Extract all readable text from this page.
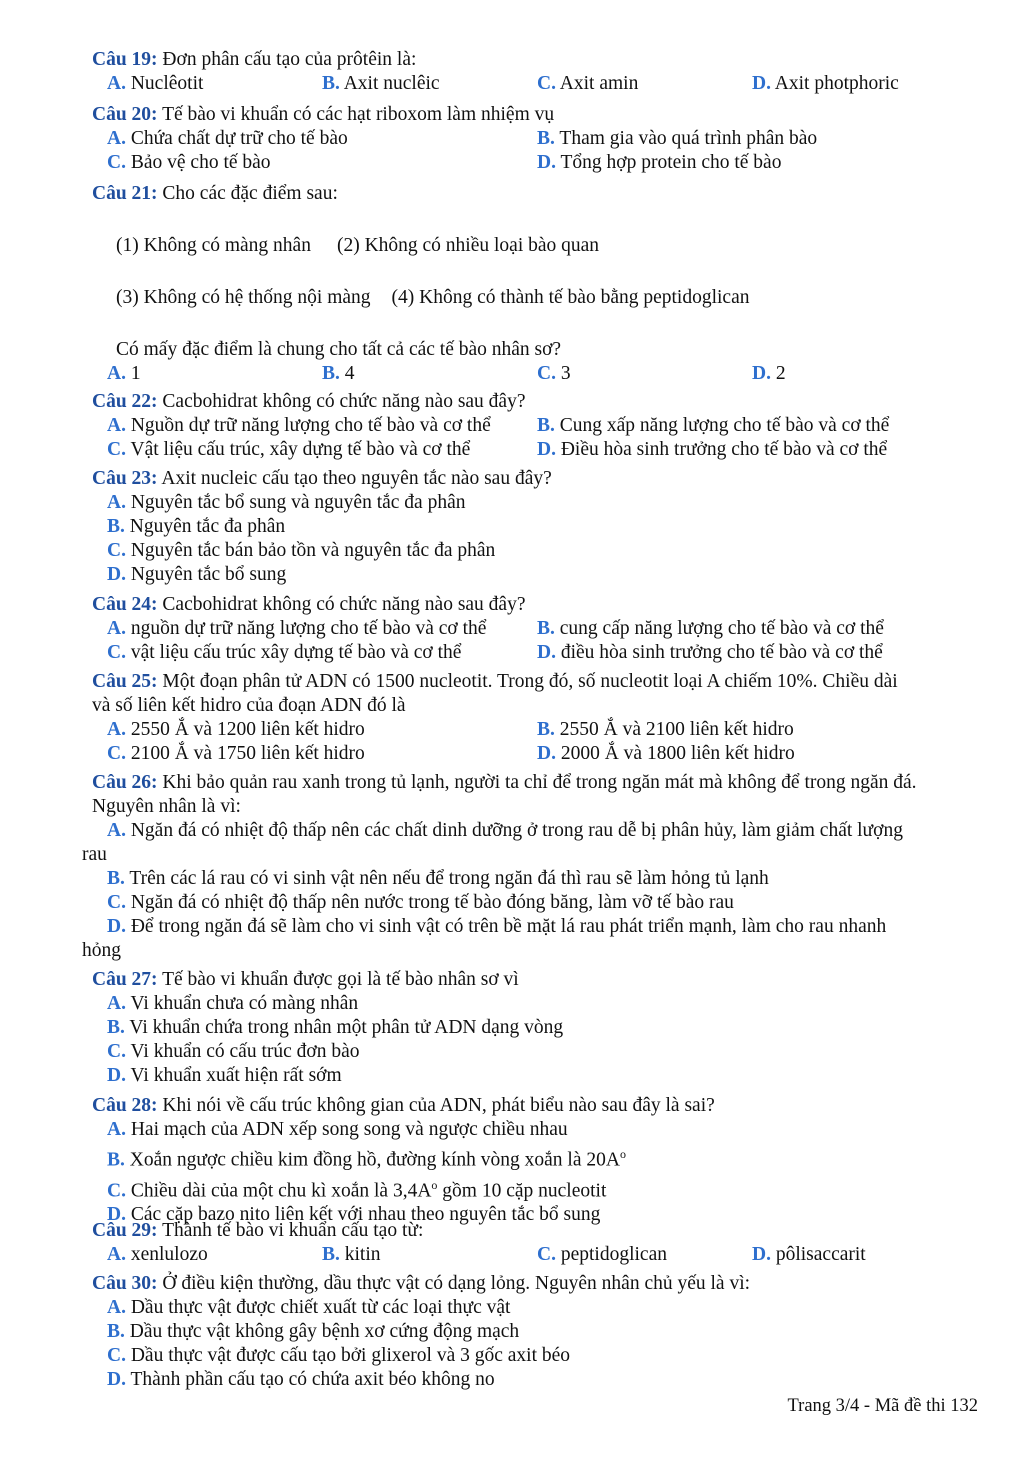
Câu 19: Đơn phân cấu tạo của prôtêin là:
A. Nuclêotit	B. Axit nuclêic	C. Axit amin	D. Axit photphoric
Câu 20: Tế bào vi khuẩn có các hạt riboxom làm nhiệm vụ
A. Chứa chất dự trữ cho tế bào	B. Tham gia vào quá trình phân bào
C. Bảo vệ cho tế bào	D. Tổng hợp protein cho tế bào
Câu 21: Cho các đặc điểm sau:
(1) Không có màng nhân (2) Không có nhiều loại bào quan
(3) Không có hệ thống nội màng (4) Không có thành tế bào bằng peptidoglican
Có mấy đặc điểm là chung cho tất cả các tế bào nhân sơ?
A. 1	B. 4	C. 3	D. 2
Câu 22: Cacbohidrat không có chức năng nào sau đây?
A. Nguồn dự trữ năng lượng cho tế bào và cơ thể	B. Cung xấp năng lượng cho tế bào và cơ thể
C. Vật liệu cấu trúc, xây dựng tế bào và cơ thể	D. Điều hòa sinh trưởng cho tế bào và cơ thể
Câu 23: Axit nucleic cấu tạo theo nguyên tắc nào sau đây?
A. Nguyên tắc bổ sung và nguyên tắc đa phân
B. Nguyên tắc đa phân
C. Nguyên tắc bán bảo tồn và nguyên tắc đa phân
D. Nguyên tắc bổ sung
Câu 24: Cacbohidrat không có chức năng nào sau đây?
A. nguồn dự trữ năng lượng cho tế bào và cơ thể	B. cung cấp năng lượng cho tế bào và cơ thể
C. vật liệu cấu trúc xây dựng tế bào và cơ thể	D. điều hòa sinh trưởng cho tế bào và cơ thể
Câu 25: Một đoạn phân tử ADN có 1500 nucleotit. Trong đó, số nucleotit loại A chiếm 10%. Chiều dài
và số liên kết hidro của đoạn ADN đó là
A. 2550 Ắ và 1200 liên kết hidro	B. 2550 Ắ và 2100 liên kết hidro
C. 2100 Ắ và 1750 liên kết hidro	D. 2000 Ắ và 1800 liên kết hidro
Câu 26: Khi bảo quản rau xanh trong tủ lạnh, người ta chỉ để trong ngăn mát mà không để trong ngăn đá.
Nguyên nhân là vì:
A. Ngăn đá có nhiệt độ thấp nên các chất dinh dưỡng ở trong rau dễ bị phân hủy, làm giảm chất lượng
rau
B. Trên các lá rau có vi sinh vật nên nếu để trong ngăn đá thì rau sẽ làm hỏng tủ lạnh
C. Ngăn đá có nhiệt độ thấp nên nước trong tế bào đóng băng, làm vỡ tế bào rau
D. Để trong ngăn đá sẽ làm cho vi sinh vật có trên bề mặt lá rau phát triển mạnh, làm cho rau nhanh
hỏng
Câu 27: Tế bào vi khuẩn được gọi là tế bào nhân sơ vì
A. Vi khuẩn chưa có màng nhân
B. Vi khuẩn chứa trong nhân một phân tử ADN dạng vòng
C. Vi khuẩn có cấu trúc đơn bào
D. Vi khuẩn xuất hiện rất sớm
Câu 28: Khi nói về cấu trúc không gian của ADN, phát biểu nào sau đây là sai?
A. Hai mạch của ADN xếp song song và ngược chiều nhau
B. Xoắn ngược chiều kim đồng hồ, đường kính vòng xoắn là $20A^o$
C. Chiều dài của một chu kì xoắn là $3,4A^o$ gồm 10 cặp nucleotit
D. Các cặp bazo nito liên kết với nhau theo nguyên tắc bổ sung
Câu 29: Thành tế bào vi khuẩn cấu tạo từ:
A. xenlulozo	B. kitin	C. peptidoglican	D. pôlisaccarit
Câu 30: Ở điều kiện thường, dầu thực vật có dạng lỏng. Nguyên nhân chủ yếu là vì:
A. Dầu thực vật được chiết xuất từ các loại thực vật
B. Dầu thực vật không gây bệnh xơ cứng động mạch
C. Dầu thực vật được cấu tạo bởi glixerol và 3 gốc axit béo
D. Thành phần cấu tạo có chứa axit béo không no
Trang 3/4 - Mã đề thi 132
